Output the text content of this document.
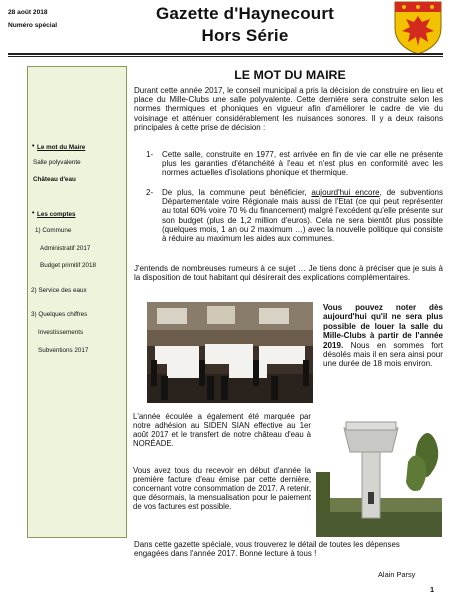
28 août 2018
Numéro spécial
Gazette d'Haynecourt
Hors Série
• Le mot du Maire
Salle polyvalente
Château d'eau
• Les comptes
1) Commune
Administratif 2017
Budget primitif 2018
2) Service des eaux
3) Quelques chiffres
Investissements
Subventions 2017
LE MOT DU MAIRE
Durant cette année 2017, le conseil municipal a pris la décision de construire en lieu et place du Mille-Clubs une salle polyvalente. Cette dernière sera construite selon les normes thermiques et phoniques en vigueur afin d'améliorer le cadre de vie du voisinage et atténuer considérablement les nuisances sonores. Il y a deux raisons principales à cette prise de décision :
1- Cette salle, construite en 1977, est arrivée en fin de vie car elle ne présente plus les garanties d'étanchéité à l'eau et n'est plus en conformité avec les normes actuelles d'isolations phonique et thermique.
2- De plus, la commune peut bénéficier, aujourd'hui encore, de subventions Départementale voire Régionale mais aussi de l'Etat (ce qui peut représenter au total 60% voire 70 % du financement) malgré l'excédent qu'elle présente sur son budget (plus de 1,2 million d'euros). Cela ne sera bientôt plus possible (quelques mois, 1 an ou 2 maximum …) avec la nouvelle politique qui consiste à réduire au maximum les aides aux communes.
J'entends de nombreuses rumeurs à ce sujet … Je tiens donc à préciser que je suis à la disposition de tout habitant qui désirerait des explications complémentaires.
Vous pouvez noter dès aujourd'hui qu'il ne sera plus possible de louer la salle du Mille-Clubs à partir de l'année 2019. Nous en sommes fort désolés mais il en sera ainsi pour une durée de 18 mois environ.
L'année écoulée a également été marquée par notre adhésion au SIDEN SIAN effective au 1er août 2017 et le transfert de notre château d'eau à NORÉADE.
Vous avez tous du recevoir en début d'année la première facture d'eau émise par cette dernière, concernant votre consommation de 2017. A retenir, que désormais, la mensualisation pour le paiement de vos factures est possible.
Dans cette gazette spéciale, vous trouverez le détail de toutes les dépenses engagées dans l'année 2017. Bonne lecture à tous !
Alain Parsy
1
